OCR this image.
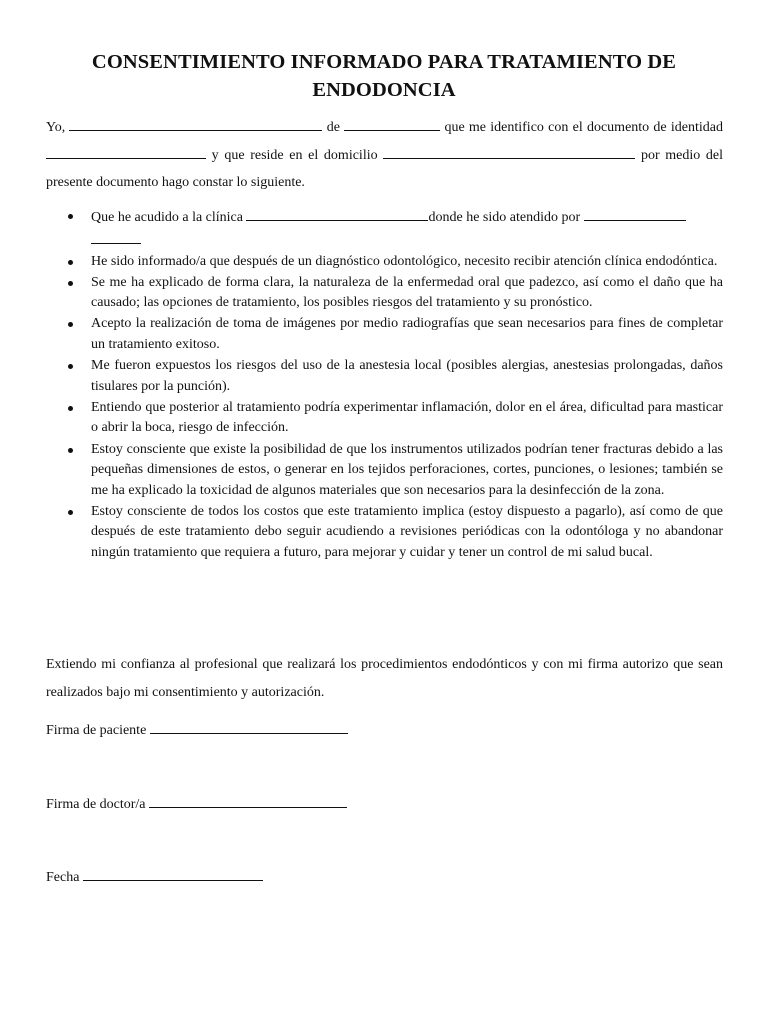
CONSENTIMIENTO INFORMADO PARA TRATAMIENTO DE ENDODONCIA
Yo,	de	que me identifico con el documento de identidad  y que reside en el domicilio	por medio del presente documento hago constar lo siguiente.
Que he acudido a la clínica	donde he sido atendido por

He sido informado/a que después de un diagnóstico odontológico, necesito recibir atención clínica endodóntica.
Se me ha explicado de forma clara, la naturaleza de la enfermedad oral que padezco, así como el daño que ha causado; las opciones de tratamiento, los posibles riesgos del tratamiento y su pronóstico.
Acepto la realización de toma de imágenes por medio radiografías que sean necesarios para fines de completar un tratamiento exitoso.
Me fueron expuestos los riesgos del uso de la anestesia local (posibles alergias, anestesias prolongadas, daños tisulares por la punción).
Entiendo que posterior al tratamiento podría experimentar inflamación, dolor en el área, dificultad para masticar o abrir la boca, riesgo de infección.
Estoy consciente que existe la posibilidad de que los instrumentos utilizados podrían tener fracturas debido a las pequeñas dimensiones de estos, o generar en los tejidos perforaciones, cortes, punciones, o lesiones; también se me ha explicado la toxicidad de algunos materiales que son necesarios para la desinfección de la zona.
Estoy consciente de todos los costos que este tratamiento implica (estoy dispuesto a pagarlo), así como de que después de este tratamiento debo seguir acudiendo a revisiones periódicas con la odontóloga y no abandonar ningún tratamiento que requiera a futuro, para mejorar y cuidar y tener un control de mi salud bucal.
Extiendo mi confianza al profesional que realizará los procedimientos endodónticos y con mi firma autorizo que sean realizados bajo mi consentimiento y autorización.
Firma de paciente
Firma de doctor/a
Fecha
